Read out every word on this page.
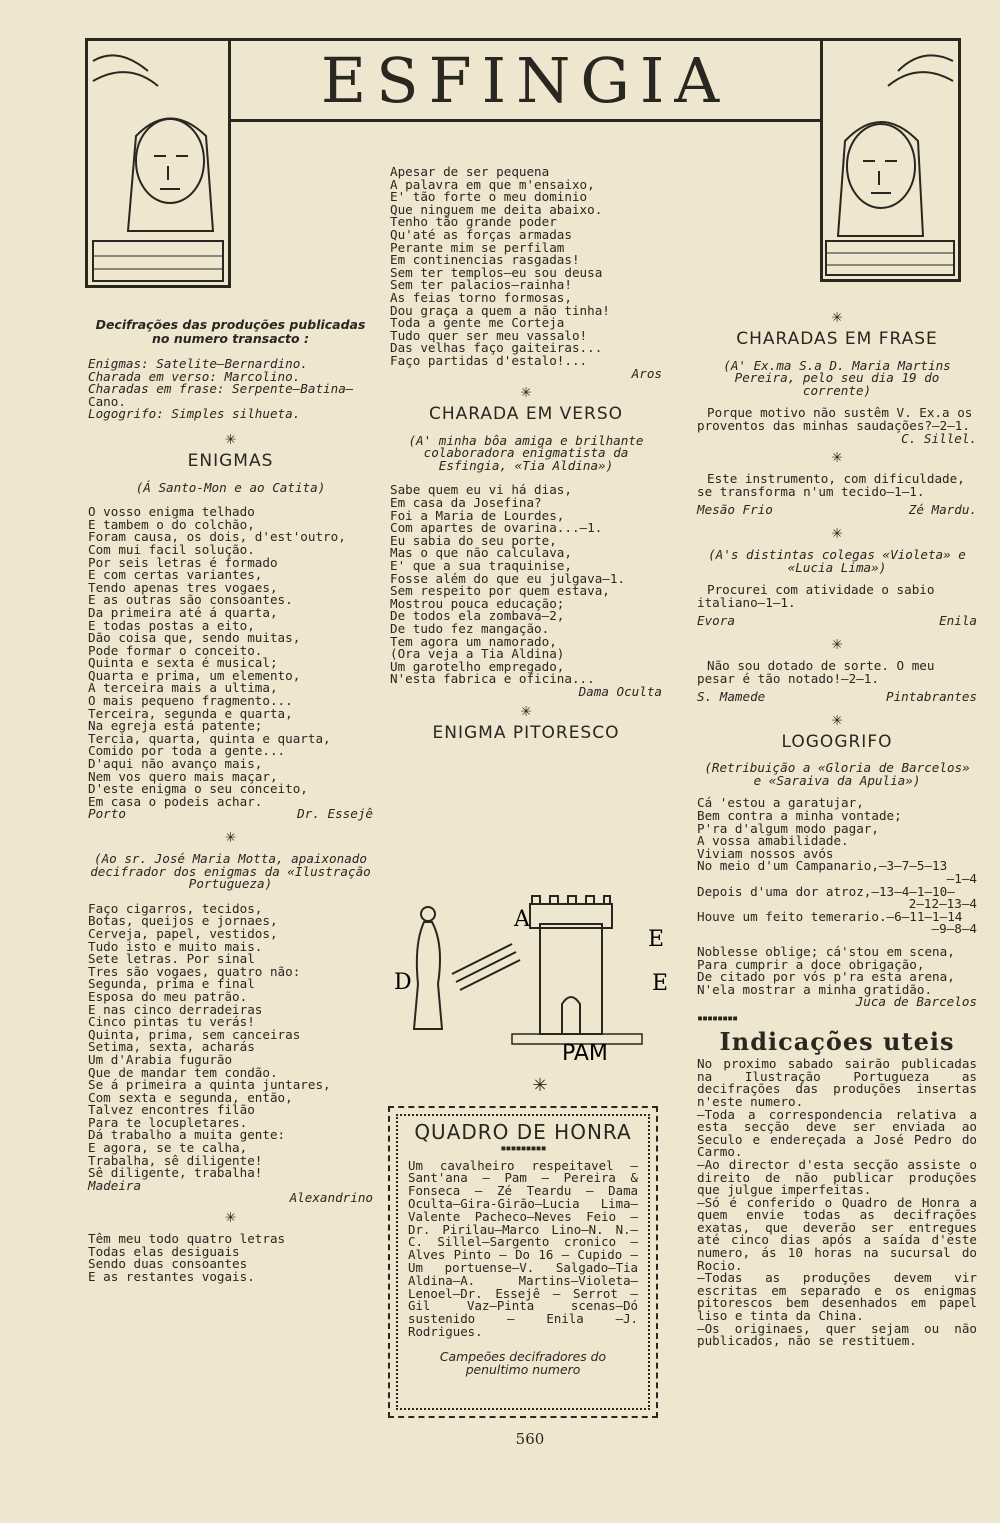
ESFINGIA
Decifrações das produções publicadas no numero transacto :

Enigmas: Satelite—Bernardino.

Charada em verso: Marcolino.

Charadas em frase: Serpente—Batina—

Cano.

Logogrifo: Simples silhueta.

✳
ENIGMAS

(Á Santo-Mon e ao Catita)

O vosso enigma telhado
E tambem o do colchão,
Foram causa, os dois, d'est'outro,
Com mui facil solução.

Por seis letras é formado
E com certas variantes,
Tendo apenas tres vogaes,
E as outras são consoantes.

Da primeira até á quarta,
E todas postas a eito,
Dão coisa que, sendo muitas,
Pode formar o conceito.

Quinta e sexta é musical;
Quarta e prima, um elemento,
A terceira mais a ultima,
O mais pequeno fragmento...

Terceira, segunda e quarta,
Na egreja está patente;
Tercia, quarta, quinta e quarta,
Comido por toda a gente...

D'aqui não avanço mais,
Nem vos quero mais maçar,
D'este enigma o seu conceito,
Em casa o podeis achar.

Porto	Dr. Essejê
✳

(Ao sr. José Maria Motta, apaixonado decifrador dos enigmas da «Ilustração Portugueza)

Faço cigarros, tecidos,
Botas, queijos e jornaes,
Cerveja, papel, vestidos,
Tudo isto e muito mais.

Sete letras. Por sinal
Tres são vogaes, quatro não:
Segunda, prima e final
Esposa do meu patrão.

E nas cinco derradeiras
Cinco pintas tu verás!
Quinta, prima, sem canceiras
Setima, sexta, acharás
Um d'Arabia fugurão
Que de mandar tem condão.

Se á primeira a quinta juntares,
Com sexta e segunda, então,
Talvez encontres filão
Para te locupletares.

Dá trabalho a muita gente:
E agora, se te calha,
Trabalha, sê diligente!
Sê diligente, trabalha!

Madeira

Alexandrino

✳

Têm meu todo quatro letras
Todas elas desiguais
Sendo duas consoantes
E as restantes vogais.

Apesar de ser pequena
A palavra em que m'ensaixo,
E' tão forte o meu dominio
Que ninguem me deita abaixo.

Tenho tão grande poder
Qu'até as forças armadas
Perante mim se perfilam
Em continencias rasgadas!

Sem ter templos—eu sou deusa
Sem ter palacios—rainha!
As feias torno formosas,
Dou graça a quem a não tinha!

Toda a gente me Corteja
Tudo quer ser meu vassalo!
Das velhas faço gaiteiras...
Faço partidas d'estalo!...

Aros

✳
CHARADA EM VERSO

(A' minha bôa amiga e brilhante colaboradora enigmatista da Esfingia, «Tia Aldina»)

Sabe quem eu vi há dias,
Em casa da Josefina?
Foi a Maria de Lourdes,
Com apartes de ovarina...—1.

Eu sabia do seu porte,
Mas o que não calculava,
E' que a sua traquinise,
Fosse além do que eu julgava—1.

Sem respeito por quem estava,
Mostrou pouca educação;
De todos ela zombava—2,
De tudo fez mangação.

Tem agora um namorado,
(Ora veja a Tia Aldina)
Um garotelho empregado,
N'esta fabrica e oficina...

Dama Oculta

✳
ENIGMA PITORESCO
D
A
E
E
PAM
✳
QUADRO DE HONRA
▪▪▪▪▪▪▪▪▪

Um cavalheiro respeitavel — Sant'ana — Pam — Pereira & Fonseca — Zé Teardu — Dama Oculta—Gira-Girão—Lucia Lima—Valente Pacheco—Neves Feio — Dr. Pirilau—Marco Lino—N. N.—C. Sillel—Sargento cronico — Alves Pinto — Do 16 — Cupido — Um portuense—V. Salgado—Tia Aldina—A. Martins—Violeta—Lenoel—Dr. Essejê — Serrot — Gil Vaz—Pinta scenas—Dó sustenido — Enila —J. Rodrigues.

Campeões decifradores do penultimo numero

✳
CHARADAS EM FRASE

(A' Ex.ma S.a D. Maria Martins Pereira, pelo seu dia 19 do corrente)

Porque motivo não sustêm V. Ex.a os proventos das minhas saudações?—2—1.

C. Sillel.

✳

Este instrumento, com dificuldade, se transforma n'um tecido—1—1.

Mesão Frio	Zé Mardu.
✳

(A's distintas colegas «Violeta» e «Lucia Lima»)

Procurei com atividade o sabio italiano—1—1.

Evora	Enila
✳

Não sou dotado de sorte. O meu pesar é tão notado!—2—1.

S. Mamede	Pintabrantes
✳
LOGOGRIFO

(Retribuição a «Gloria de Barcelos» e «Saraiva da Apulia»)

Cá 'estou a garatujar,
Bem contra a minha vontade;
P'ra d'algum modo pagar,
A vossa amabilidade.

Viviam nossos avós

No meio d'um Campanario,—3—7—5—13

—1—4

Depois d'uma dor atroz,—13—4—1—10—

2—12—13—4

Houve um feito temerario.—6—11—1—14

—9—8—4

Noblesse oblige; cá'stou em scena,
Para cumprir a doce obrigação,
De citado por vós p'ra esta arena,
N'ela mostrar a minha gratidão.

Juca de Barcelos

▪▪▪▪▪▪▪▪
Indicações uteis

No proximo sabado sairão publicadas na Ilustração Portugueza as decifrações das produções insertas n'este numero.
—Toda a correspondencia relativa a esta secção deve ser enviada ao Seculo e endereçada a José Pedro do Carmo.
—Ao director d'esta secção assiste o direito de não publicar produções que julgue imperfeitas.
—Só é conferido o Quadro de Honra a quem envie todas as decifrações exatas, que deverão ser entregues até cinco dias após a saída d'este numero, ás 10 horas na sucursal do Rocio.
—Todas as produções devem vir escritas em separado e os enigmas pitorescos bem desenhados em papel liso e tinta da China.
—Os originaes, quer sejam ou não publicados, não se restituem.

560
